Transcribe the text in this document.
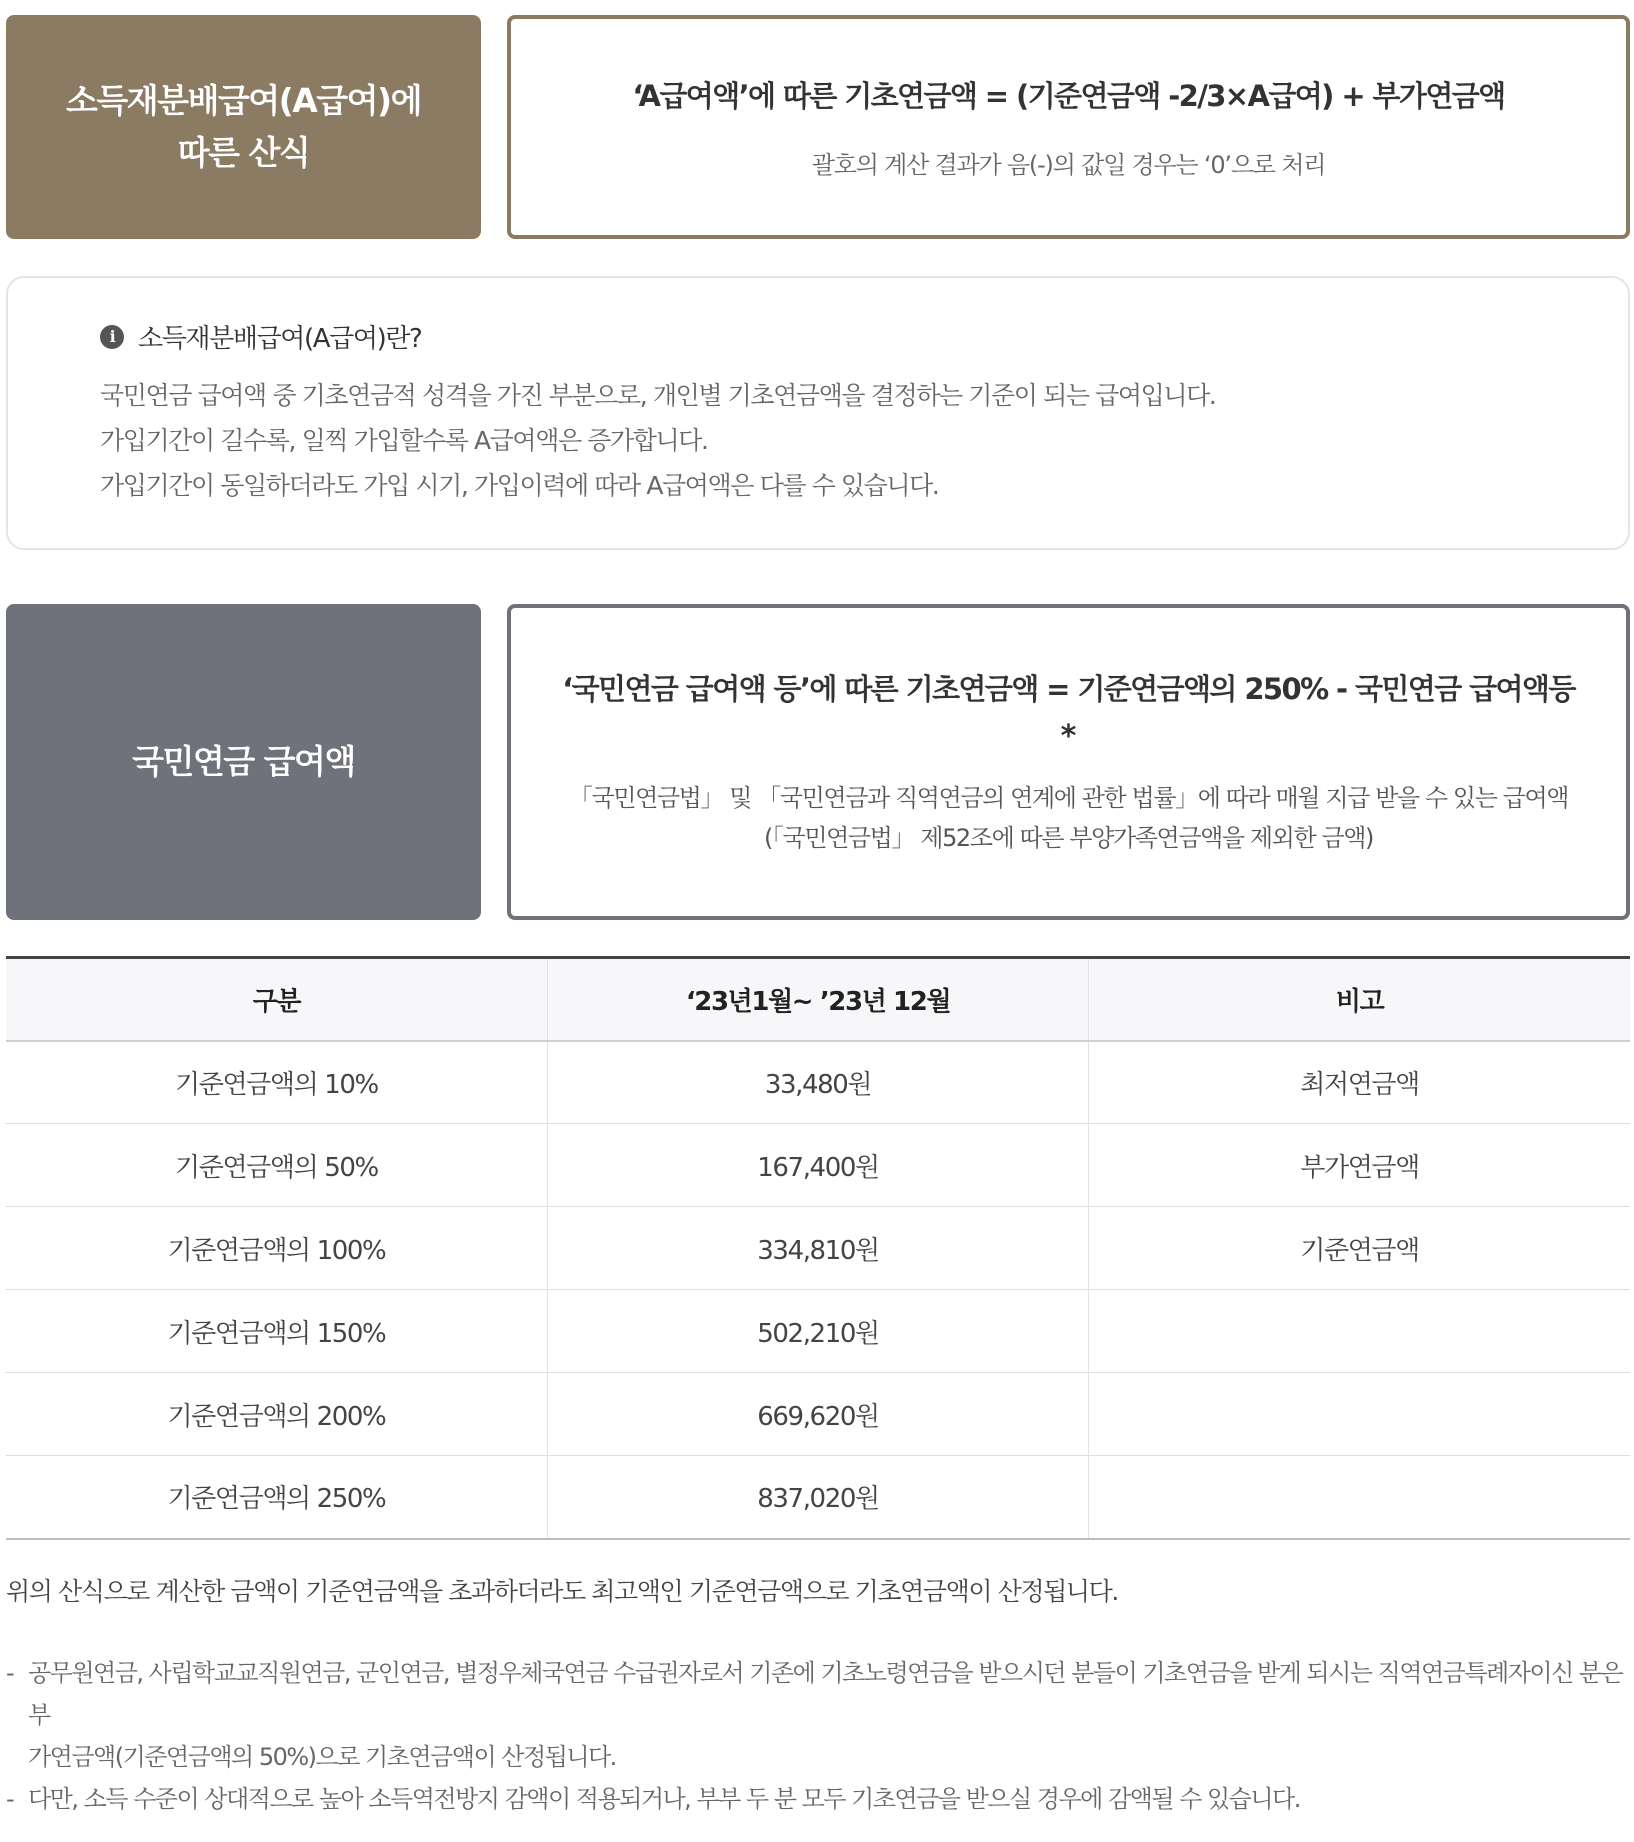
소득재분배급여(A급여)에
따른 산식
‘A급여액’에 따른 기초연금액 = (기준연금액 -2/3×A급여) + 부가연금액
괄호의 계산 결과가 음(-)의 값일 경우는 ‘0’으로 처리
i 소득재분배급여(A급여)란?
국민연금 급여액 중 기초연금적 성격을 가진 부분으로, 개인별 기초연금액을 결정하는 기준이 되는 급여입니다.
가입기간이 길수록, 일찍 가입할수록 A급여액은 증가합니다.
가입기간이 동일하더라도 가입 시기, 가입이력에 따라 A급여액은 다를 수 있습니다.
국민연금 급여액
‘국민연금 급여액 등’에 따른 기초연금액 = 기준연금액의 250% - 국민연금 급여액등
*
「국민연금법」 및 「국민연금과 직역연금의 연계에 관한 법률」에 따라 매월 지급 받을 수 있는 급여액
(「국민연금법」 제52조에 따른 부양가족연금액을 제외한 금액)
구분	‘23년1월~ ’23년 12월	비고
기준연금액의 10%	33,480원	최저연금액
기준연금액의 50%	167,400원	부가연금액
기준연금액의 100%	334,810원	기준연금액
기준연금액의 150%	502,210원	
기준연금액의 200%	669,620원	
기준연금액의 250%	837,020원	
위의 산식으로 계산한 금액이 기준연금액을 초과하더라도 최고액인 기준연금액으로 기초연금액이 산정됩니다.
- 공무원연금, 사립학교교직원연금, 군인연금, 별정우체국연금 수급권자로서 기존에 기초노령연금을 받으시던 분들이 기초연금을 받게 되시는 직역연금특례자이신 분은 부
가연금액(기준연금액의 50%)으로 기초연금액이 산정됩니다.
- 다만, 소득 수준이 상대적으로 높아 소득역전방지 감액이 적용되거나, 부부 두 분 모두 기초연금을 받으실 경우에 감액될 수 있습니다.
